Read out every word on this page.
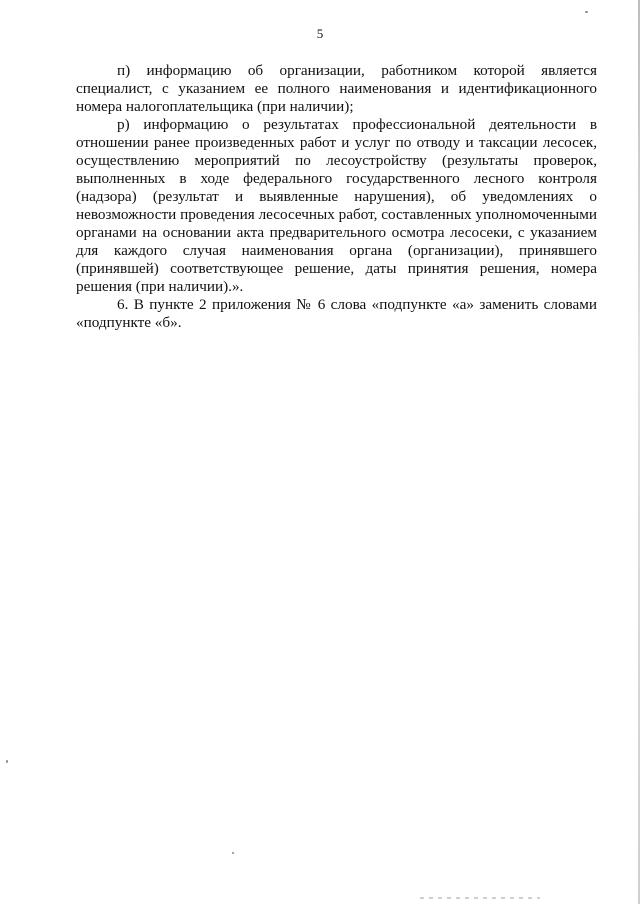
5

п) информацию об организации, работником которой является специалист, с указанием ее полного наименования и идентификационного номера налогоплательщика (при наличии);

р) информацию о результатах профессиональной деятельности в отношении ранее произведенных работ и услуг по отводу и таксации лесосек, осуществлению мероприятий по лесоустройству (результаты проверок, выполненных в ходе федерального государственного лесного контроля (надзора) (результат и выявленные нарушения), об уведомлениях о невозможности проведения лесосечных работ, составленных уполномоченными органами на основании акта предварительного осмотра лесосеки, с указанием для каждого случая наименования органа (организации), принявшего (принявшей) соответствующее решение, даты принятия решения, номера решения (при наличии).».

6. В пункте 2 приложения № 6 слова «подпункте «а» заменить словами «подпункте «б».
